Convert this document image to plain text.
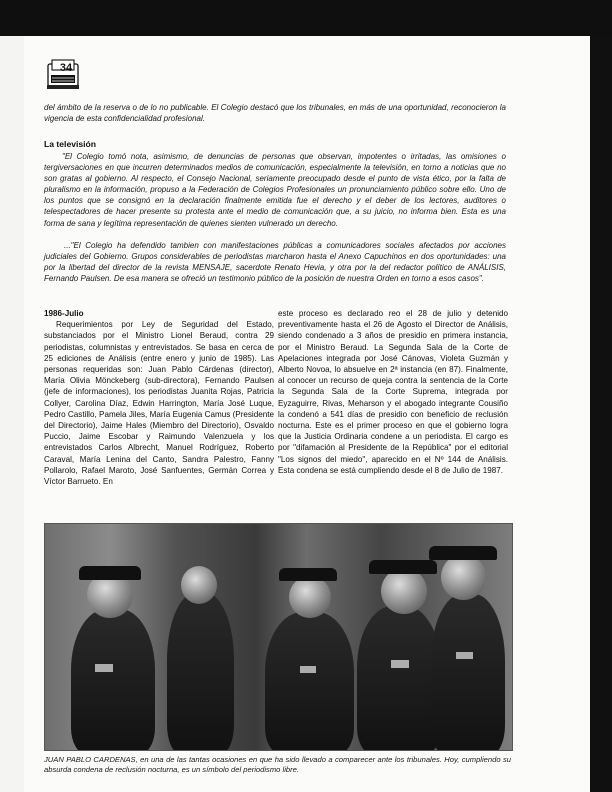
34
del ámbito de la reserva o de lo no publicable. El Colegio destacó que los tribunales, en más de una oportunidad, reconocieron la vigencia de esta confidencialidad profesional.
La televisión
"El Colegio tomó nota, asimismo, de denuncias de personas que observan, impotentes o irritadas, las omisiones o tergiversaciones en que incurren determinados medios de comunicación, especialmente la televisión, en torno a noticias que no son gratas al gobierno. Al respecto, el Consejo Nacional, seriamente preocupado desde el punto de vista ético, por la falta de pluralismo en la información, propuso a la Federación de Colegios Profesionales un pronunciamiento público sobre ello. Uno de los puntos que se consignó en la declaración finalmente emitida fue el derecho y el deber de los lectores, auditores o telespectadores de hacer presente su protesta ante el medio de comunicación que, a su juicio, no informa bien. Esta es una forma de sana y legítima representación de quienes sienten vulnerado un derecho.
..."El Colegio ha defendido tambien con manifestaciones públicas a comunicadores sociales afectados por acciones judiciales del Gobierno. Grupos considerables de periodistas marcharon hasta el Anexo Capuchinos en dos oportunidades: una por la libertad del director de la revista MENSAJE, sacerdote Renato Hevia, y otra por la del redactor político de ANÁLISIS, Fernando Paulsen. De esa manera se ofreció un testimonio público de la posición de nuestra Orden en torno a esos casos".
1986-Julio
Requerimientos por Ley de Seguridad del Estado, substanciados por el Ministro Lionel Beraud, contra 29 periodistas, columnistas y entrevistados. Se basa en cerca de 25 ediciones de Análisis (entre enero y junio de 1985). Las personas requeridas son: Juan Pablo Cárdenas (director), María Olivia Mönckeberg (sub-directora), Fernando Paulsen (jefe de informaciones), los periodistas Juanita Rojas, Patricia Collyer, Carolina Díaz, Edwin Harrington, María José Luque, Pedro Castillo, Pamela Jiles, María Eugenia Camus (Presidente del Directorio), Jaime Hales (Miembro del Directorio), Osvaldo Puccio, Jaime Escobar y Raimundo Valenzuela y los entrevistados Carlos Albrecht, Manuel Rodríguez, Roberto Caraval, María Lenina del Canto, Sandra Palestro, Fanny Pollarolo, Rafael Maroto, José Sanfuentes, Germán Correa y Víctor Barrueto. En
este proceso es declarado reo el 28 de julio y detenido preventivamente hasta el 26 de Agosto el Director de Análisis, siendo condenado a 3 años de presidio en primera instancia, por el Ministro Beraud. La Segunda Sala de la Corte de Apelaciones integrada por José Cánovas, Violeta Guzmán y Alberto Novoa, lo absuelve en 2ª instancia (en 87). Finalmente, al conocer un recurso de queja contra la sentencia de la Corte la Segunda Sala de la Corte Suprema, integrada por Eyzaguirre, Rivas, Meharson y el abogado integrante Cousiño la condenó a 541 días de presidio con beneficio de reclusión nocturna. Este es el primer proceso en que el gobierno logra que la Justicia Ordinaria condene a un periodista. El cargo es por "difamación al Presidente de la República" por el editorial "Los signos del miedo", aparecido en el Nº 144 de Análisis. Esta condena se está cumpliendo desde el 8 de Julio de 1987.
JUAN PABLO CARDENAS, en una de las tantas ocasiones en que ha sido llevado a comparecer ante los tribunales. Hoy, cumpliendo su absurda condena de reclusión nocturna, es un símbolo del periodismo libre.
